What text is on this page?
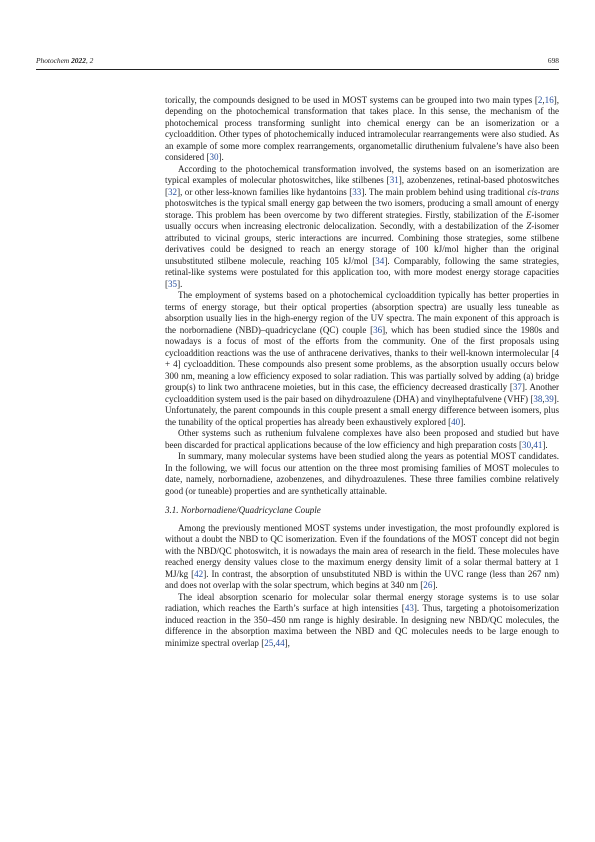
Photochem 2022, 2	698

torically, the compounds designed to be used in MOST systems can be grouped into two main types [2,16], depending on the photochemical transformation that takes place. In this sense, the mechanism of the photochemical process transforming sunlight into chemical energy can be an isomerization or a cycloaddition. Other types of photochemically induced intramolecular rearrangements were also studied. As an example of some more complex rearrangements, organometallic diruthenium fulvalene’s have also been considered [30].

According to the photochemical transformation involved, the systems based on an isomerization are typical examples of molecular photoswitches, like stilbenes [31], azobenzenes, retinal-based photoswitches [32], or other less-known families like hydantoins [33]. The main problem behind using traditional cis-trans photoswitches is the typical small energy gap between the two isomers, producing a small amount of energy storage. This problem has been overcome by two different strategies. Firstly, stabilization of the E-isomer usually occurs when increasing electronic delocalization. Secondly, with a destabilization of the Z-isomer attributed to vicinal groups, steric interactions are incurred. Combining those strategies, some stilbene derivatives could be designed to reach an energy storage of 100 kJ/mol higher than the original unsubstituted stilbene molecule, reaching 105 kJ/mol [34]. Comparably, following the same strategies, retinal-like systems were postulated for this application too, with more modest energy storage capacities [35].

The employment of systems based on a photochemical cycloaddition typically has better properties in terms of energy storage, but their optical properties (absorption spectra) are usually less tuneable as absorption usually lies in the high-energy region of the UV spectra. The main exponent of this approach is the norbornadiene (NBD)–quadricyclane (QC) couple [36], which has been studied since the 1980s and nowadays is a focus of most of the efforts from the community. One of the first proposals using cycloaddition reactions was the use of anthracene derivatives, thanks to their well-known intermolecular [4 + 4] cycloaddition. These compounds also present some problems, as the absorption usually occurs below 300 nm, meaning a low efficiency exposed to solar radiation. This was partially solved by adding (a) bridge group(s) to link two anthracene moieties, but in this case, the efficiency decreased drastically [37]. Another cycloaddition system used is the pair based on dihydroazulene (DHA) and vinylheptafulvene (VHF) [38,39]. Unfortunately, the parent compounds in this couple present a small energy difference between isomers, plus the tunability of the optical properties has already been exhaustively explored [40].

Other systems such as ruthenium fulvalene complexes have also been proposed and studied but have been discarded for practical applications because of the low efficiency and high preparation costs [30,41].

In summary, many molecular systems have been studied along the years as potential MOST candidates. In the following, we will focus our attention on the three most promising families of MOST molecules to date, namely, norbornadiene, azobenzenes, and dihydroazulenes. These three families combine relatively good (or tuneable) properties and are synthetically attainable.

3.1. Norbornadiene/Quadricyclane Couple

Among the previously mentioned MOST systems under investigation, the most profoundly explored is without a doubt the NBD to QC isomerization. Even if the foundations of the MOST concept did not begin with the NBD/QC photoswitch, it is nowadays the main area of research in the field. These molecules have reached energy density values close to the maximum energy density limit of a solar thermal battery at 1 MJ/kg [42]. In contrast, the absorption of unsubstituted NBD is within the UVC range (less than 267 nm) and does not overlap with the solar spectrum, which begins at 340 nm [26].

The ideal absorption scenario for molecular solar thermal energy storage systems is to use solar radiation, which reaches the Earth’s surface at high intensities [43]. Thus, targeting a photoisomerization induced reaction in the 350–450 nm range is highly desirable. In designing new NBD/QC molecules, the difference in the absorption maxima between the NBD and QC molecules needs to be large enough to minimize spectral overlap [25,44],
